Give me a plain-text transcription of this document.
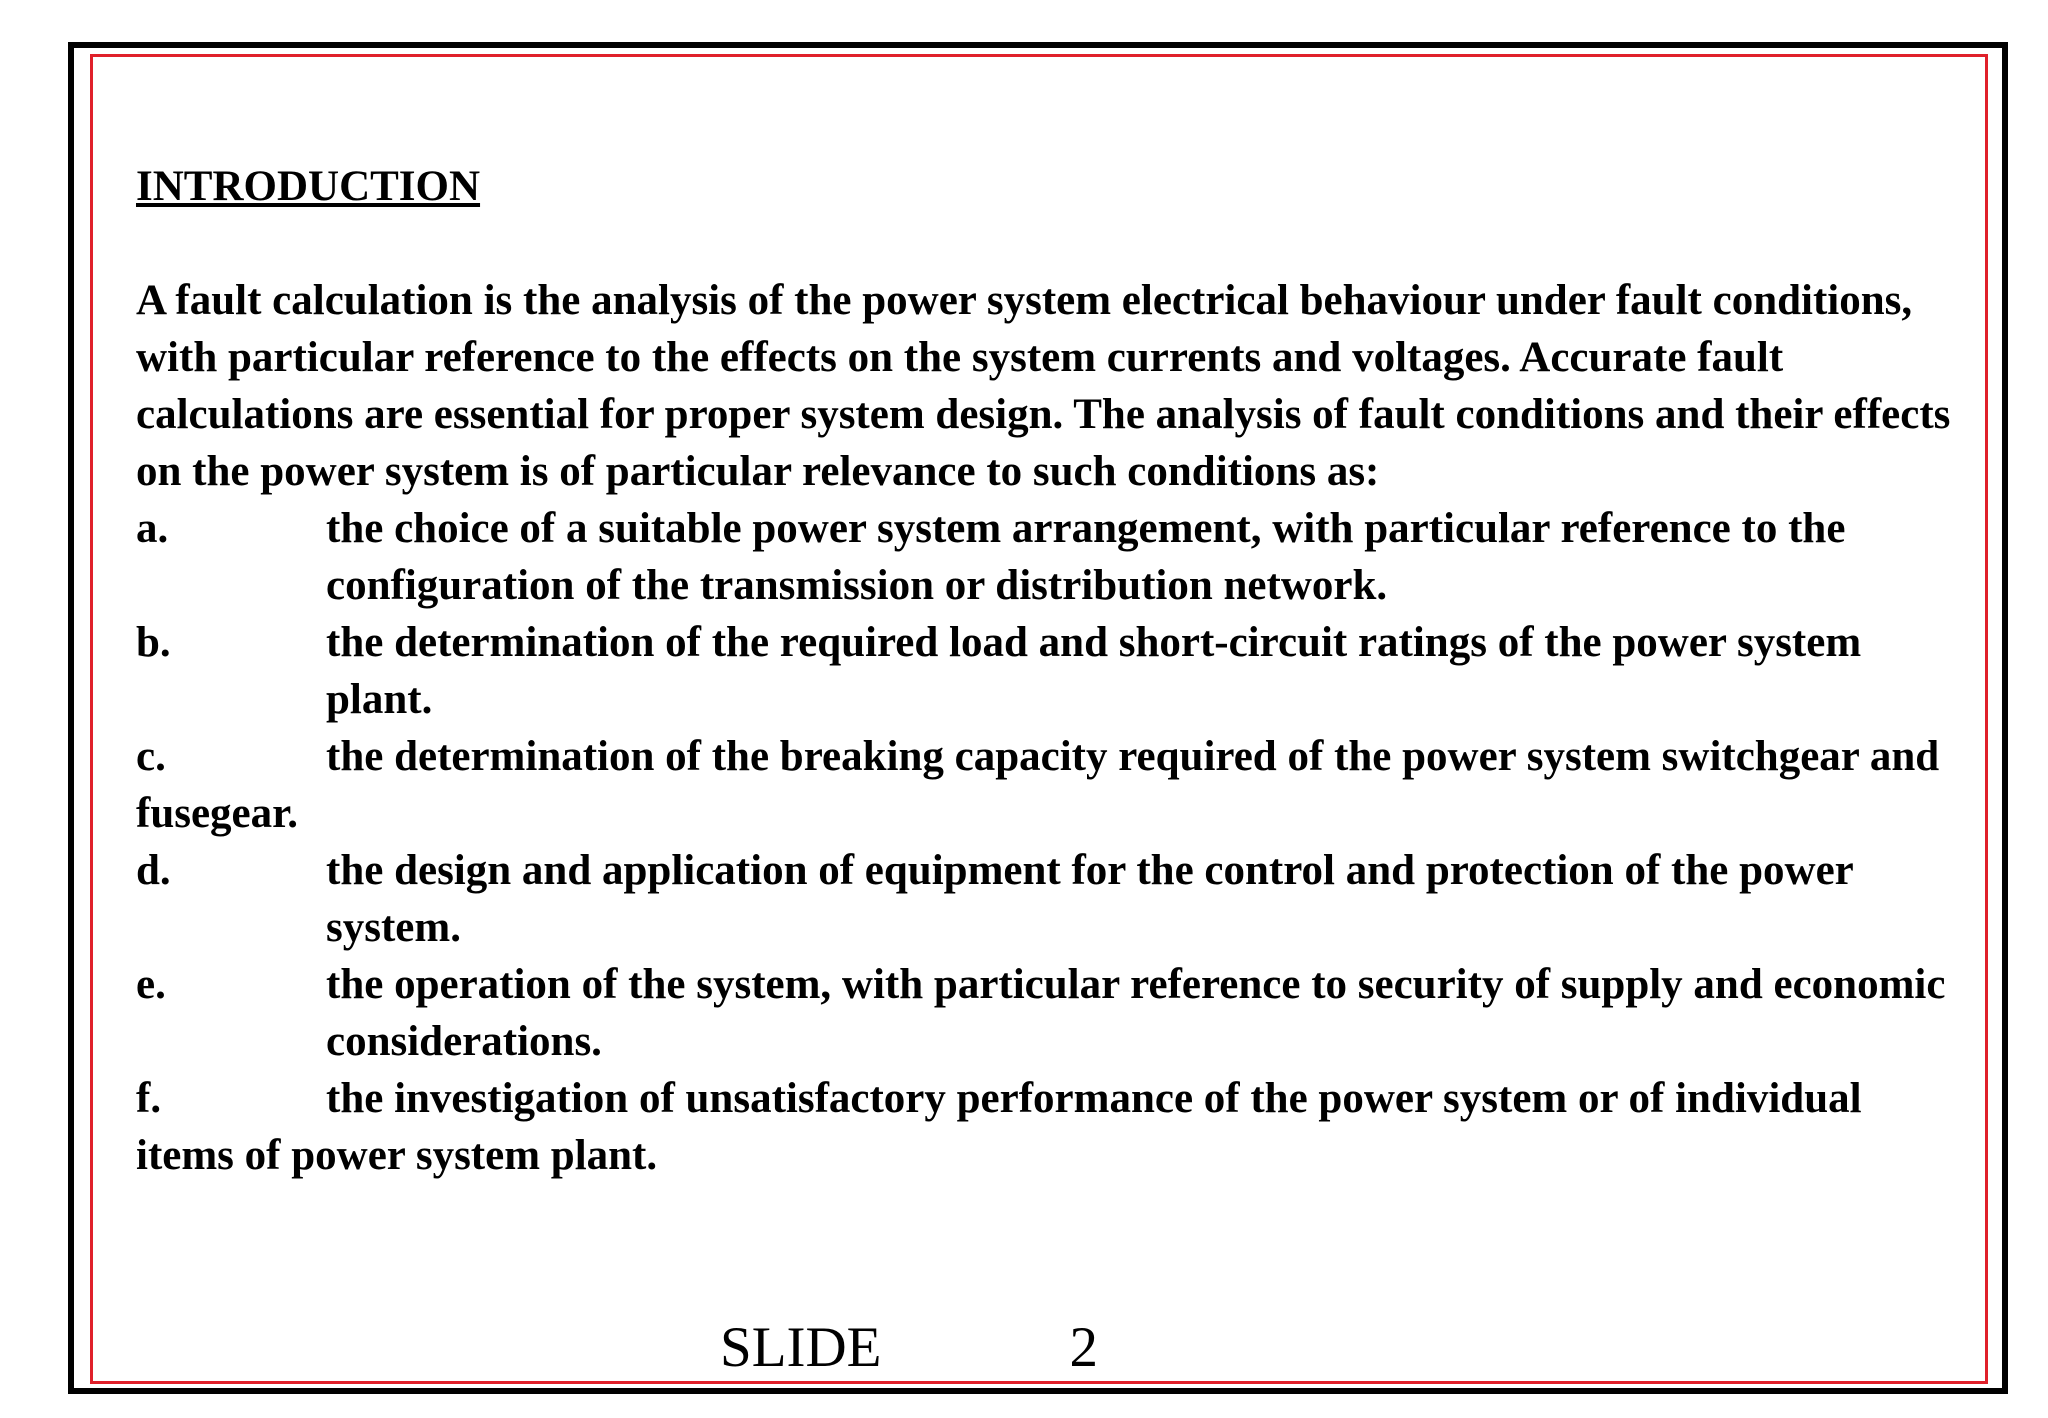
INTRODUCTION

A fault calculation is the analysis of the power system electrical behaviour under fault conditions, with particular reference to the effects on the system currents and voltages. Accurate fault calculations are essential for proper system design. The analysis of fault conditions and their effects on the power system is of particular relevance to such conditions as:

a.	the choice of a suitable power system arrangement, with particular reference to the configuration of the transmission or distribution network.
b.	the determination of the required load and short-circuit ratings of the power system plant.
c.	the determination of the breaking capacity required of the power system switchgear and fusegear.
d.	the design and application of equipment for the control and protection of the power system.
e.	the operation of the system, with particular reference to security of supply and economic considerations.
f.	the investigation of unsatisfactory performance of the power system or of individual items of power system plant.
SLIDE	2
